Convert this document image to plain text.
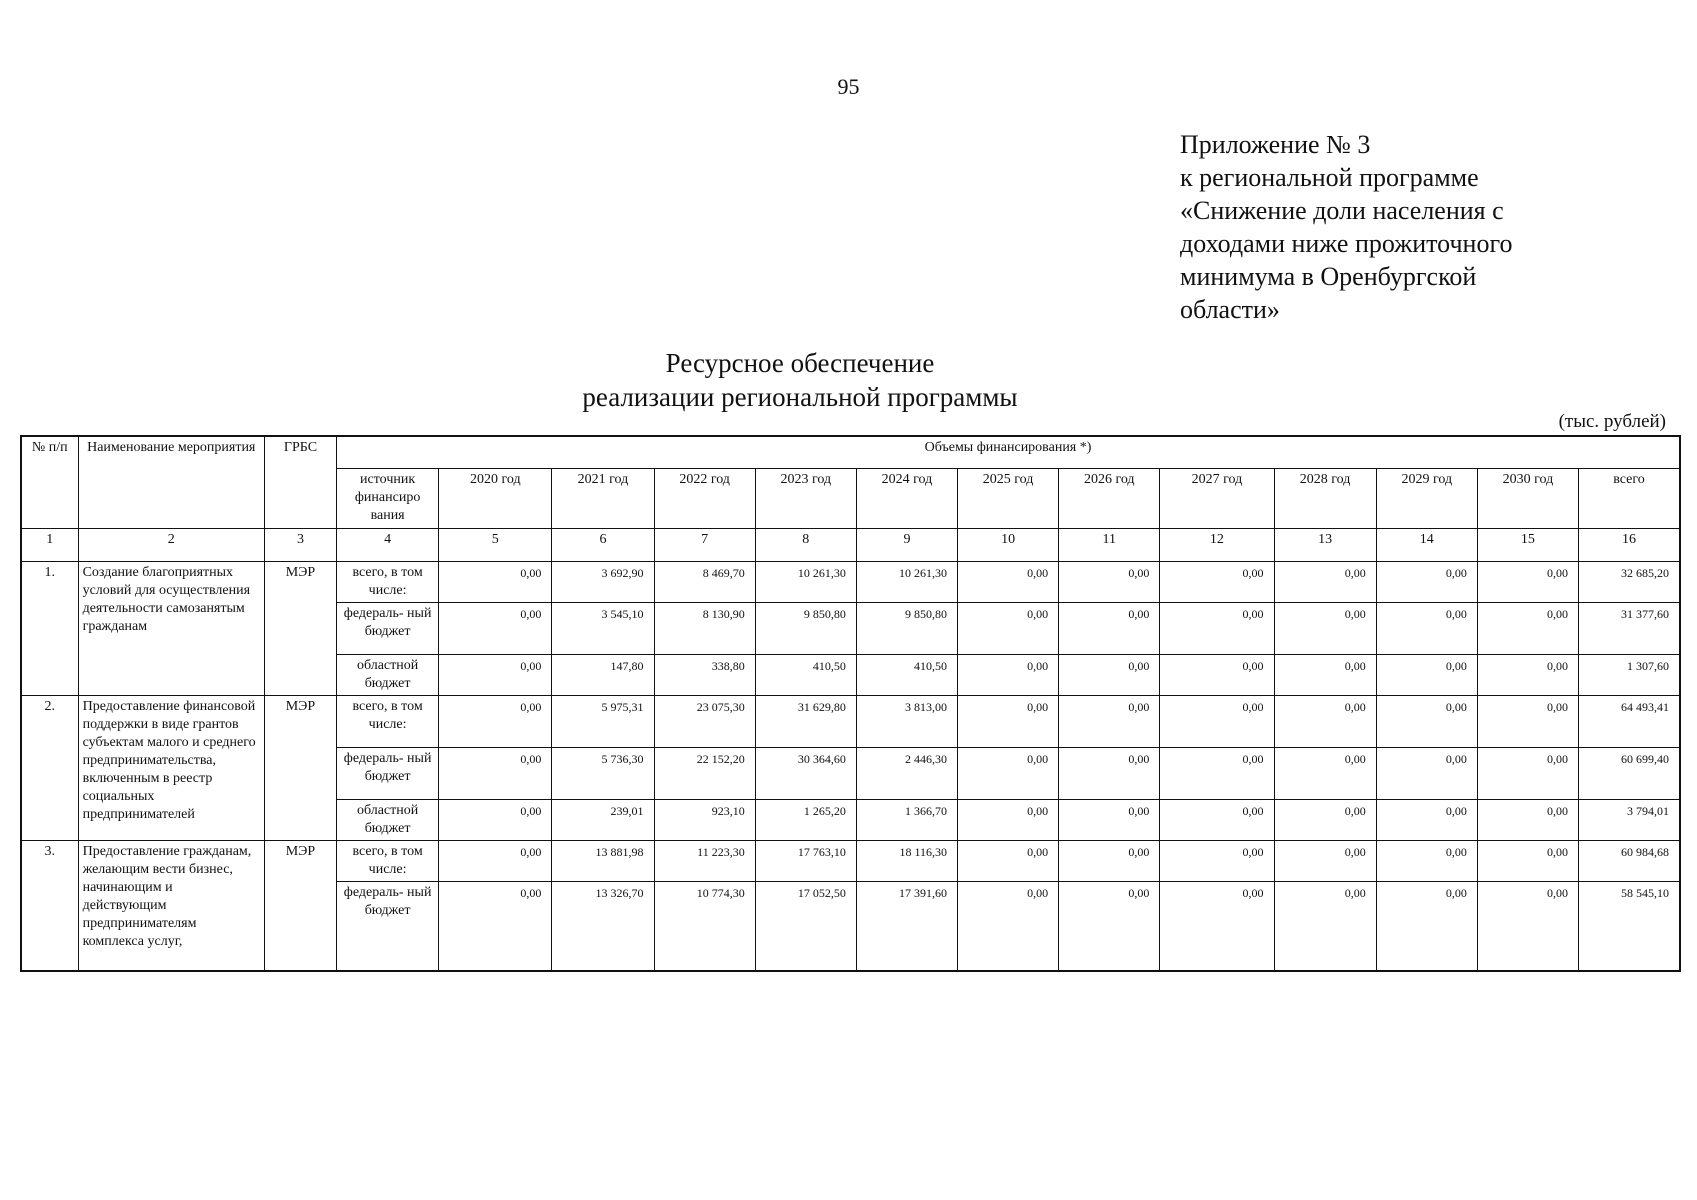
95
Приложение № 3
к региональной программе
«Снижение доли населения с
доходами ниже прожиточного
минимума в Оренбургской
области»
Ресурсное обеспечение
реализации региональной программы
(тыс. рублей)
№ п/п	Наименование мероприятия	ГРБС	Объемы финансирования *)												
			источник финансиро вания	2020 год	2021 год	2022 год	2023 год	2024 год	2025 год	2026 год	2027 год	2028 год	2029 год	2030 год	всего
1	2	3	4	5	6	7	8	9	10	11	12	13	14	15	16
1.	Создание благоприятных условий для осуществления деятельности самозанятым гражданам	МЭР	всего, в том числе:	0,00	3 692,90	8 469,70	10 261,30	10 261,30	0,00	0,00	0,00	0,00	0,00	0,00	32 685,20
			федераль- ный бюджет	0,00	3 545,10	8 130,90	9 850,80	9 850,80	0,00	0,00	0,00	0,00	0,00	0,00	31 377,60
			областной бюджет	0,00	147,80	338,80	410,50	410,50	0,00	0,00	0,00	0,00	0,00	0,00	1 307,60
2.	Предоставление финансовой поддержки в виде грантов субъектам малого и среднего предпринимательства, включенным в реестр социальных предпринимателей	МЭР	всего, в том числе:	0,00	5 975,31	23 075,30	31 629,80	3 813,00	0,00	0,00	0,00	0,00	0,00	0,00	64 493,41
			федераль- ный бюджет	0,00	5 736,30	22 152,20	30 364,60	2 446,30	0,00	0,00	0,00	0,00	0,00	0,00	60 699,40
			областной бюджет	0,00	239,01	923,10	1 265,20	1 366,70	0,00	0,00	0,00	0,00	0,00	0,00	3 794,01
3.	Предоставление гражданам, желающим вести бизнес, начинающим и действующим предпринимателям комплекса услуг,	МЭР	всего, в том числе:	0,00	13 881,98	11 223,30	17 763,10	18 116,30	0,00	0,00	0,00	0,00	0,00	0,00	60 984,68
			федераль- ный бюджет	0,00	13 326,70	10 774,30	17 052,50	17 391,60	0,00	0,00	0,00	0,00	0,00	0,00	58 545,10
